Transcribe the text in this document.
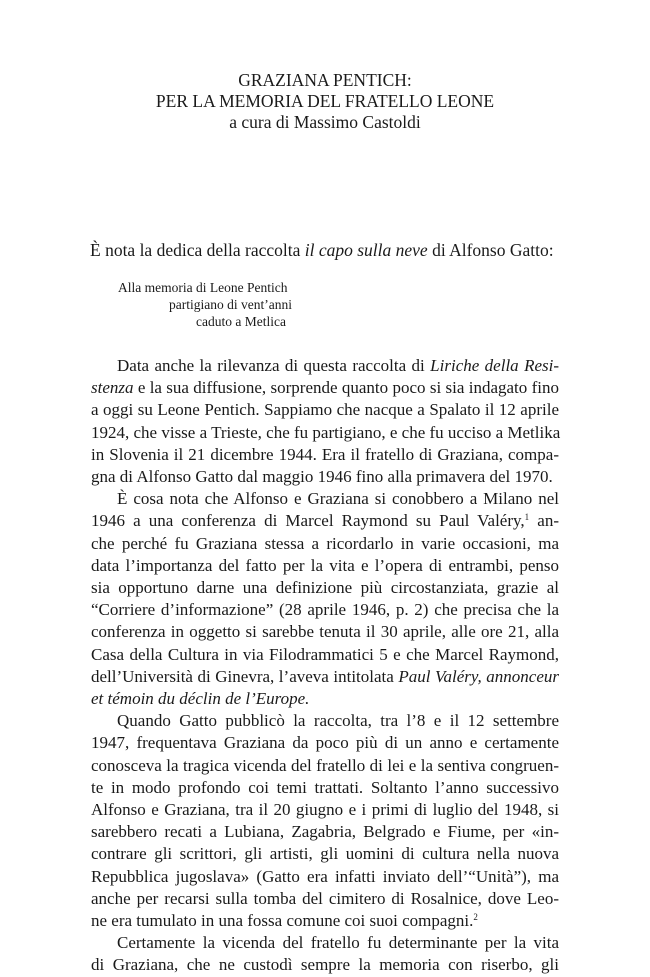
GRAZIANA PENTICH:
PER LA MEMORIA DEL FRATELLO LEONE
a cura di Massimo Castoldi
È nota la dedica della raccolta il capo sulla neve di Alfonso Gatto:
Alla memoria di Leone Pentich
partigiano di vent’anni
caduto a Metlica
Data anche la rilevanza di questa raccolta di Liriche della Resi-
stenza e la sua diffusione, sorprende quanto poco si sia indagato fino
a oggi su Leone Pentich. Sappiamo che nacque a Spalato il 12 aprile
1924, che visse a Trieste, che fu partigiano, e che fu ucciso a Metlika
in Slovenia il 21 dicembre 1944. Era il fratello di Graziana, compa-
gna di Alfonso Gatto dal maggio 1946 fino alla primavera del 1970.
È cosa nota che Alfonso e Graziana si conobbero a Milano nel
1946 a una conferenza di Marcel Raymond su Paul Valéry,$^1$ an-
che perché fu Graziana stessa a ricordarlo in varie occasioni, ma
data l’importanza del fatto per la vita e l’opera di entrambi, penso
sia opportuno darne una definizione più circostanziata, grazie al
“Corriere d’informazione” (28 aprile 1946, p. 2) che precisa che la
conferenza in oggetto si sarebbe tenuta il 30 aprile, alle ore 21, alla
Casa della Cultura in via Filodrammatici 5 e che Marcel Raymond,
dell’Università di Ginevra, l’aveva intitolata Paul Valéry, annonceur
et témoin du déclin de l’Europe.
Quando Gatto pubblicò la raccolta, tra l’8 e il 12 settembre
1947, frequentava Graziana da poco più di un anno e certamente
conosceva la tragica vicenda del fratello di lei e la sentiva congruen-
te in modo profondo coi temi trattati. Soltanto l’anno successivo
Alfonso e Graziana, tra il 20 giugno e i primi di luglio del 1948, si
sarebbero recati a Lubiana, Zagabria, Belgrado e Fiume, per «in-
contrare gli scrittori, gli artisti, gli uomini di cultura nella nuova
Repubblica jugoslava» (Gatto era infatti inviato dell’“Unità”), ma
anche per recarsi sulla tomba del cimitero di Rosalnice, dove Leo-
ne era tumulato in una fossa comune coi suoi compagni.$^2$
Certamente la vicenda del fratello fu determinante per la vita
di Graziana, che ne custodì sempre la memoria con riserbo, gli
